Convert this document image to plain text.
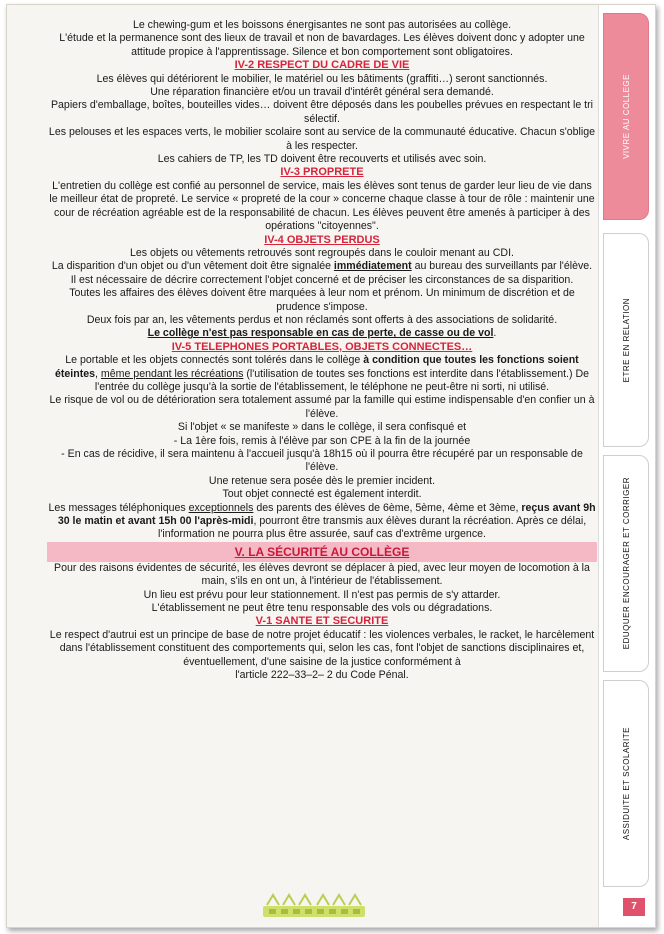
Le chewing-gum et les boissons énergisantes ne sont pas autorisées au collège.

L'étude et la permanence sont des lieux de travail et non de bavardages. Les élèves doivent donc y adopter une attitude propice à l'apprentissage. Silence et bon comportement sont obligatoires.

IV-2 RESPECT DU CADRE DE VIE

Les élèves qui détériorent le mobilier, le matériel ou les bâtiments (graffiti…) seront sanctionnés.

Une réparation financière et/ou un travail d'intérêt général sera demandé.

Papiers d'emballage, boîtes, bouteilles vides… doivent être déposés dans les poubelles prévues en respectant le tri sélectif.

Les pelouses et les espaces verts, le mobilier scolaire sont au service de la communauté éducative. Chacun s'oblige à les respecter.

Les cahiers de TP, les TD doivent être recouverts et utilisés avec soin.

IV-3 PROPRETE

L'entretien du collège est confié au personnel de service, mais les élèves sont tenus de garder leur lieu de vie dans le meilleur état de propreté. Le service « propreté de la cour » concerne chaque classe à tour de rôle : maintenir une cour de récréation agréable est de la responsabilité de chacun. Les élèves peuvent être amenés à participer à des opérations "citoyennes".

IV-4 OBJETS PERDUS

Les objets ou vêtements retrouvés sont regroupés dans le couloir menant au CDI.

La disparition d'un objet ou d'un vêtement doit être signalée immédiatement au bureau des surveillants par l'élève.

Il est nécessaire de décrire correctement l'objet concerné et de préciser les circonstances de sa disparition.

Toutes les affaires des élèves doivent être marquées à leur nom et prénom. Un minimum de discrétion et de prudence s'impose.

Deux fois par an, les vêtements perdus et non réclamés sont offerts à des associations de solidarité.

Le collège n'est pas responsable en cas de perte, de casse ou de vol.

IV-5 TELEPHONES PORTABLES, OBJETS CONNECTES…

Le portable et les objets connectés sont tolérés dans le collège à condition que toutes les fonctions soient éteintes, même pendant les récréations (l'utilisation de toutes ses fonctions est interdite dans l'établissement.) De l'entrée du collège jusqu'à la sortie de l'établissement, le téléphone ne peut-être ni sorti, ni utilisé.

Le risque de vol ou de détérioration sera totalement assumé par la famille qui estime indispensable d'en confier un à l'élève.

Si l'objet « se manifeste » dans le collège, il sera confisqué et

- La 1ère fois, remis à l'élève par son CPE à la fin de la journée

- En cas de récidive, il sera maintenu à l'accueil jusqu'à 18h15 où il pourra être récupéré par un responsable de l'élève.

Une retenue sera posée dès le premier incident.

Tout objet connecté est également interdit.

Les messages téléphoniques exceptionnels des parents des élèves de 6ème, 5ème, 4ème et 3ème, reçus avant 9h 30 le matin et avant 15h 00 l'après-midi, pourront être transmis aux élèves durant la récréation. Après ce délai, l'information ne pourra plus être assurée, sauf cas d'extrême urgence.

V. LA SÉCURITÉ AU COLLÈGE

Pour des raisons évidentes de sécurité, les élèves devront se déplacer à pied, avec leur moyen de locomotion à la main, s'ils en ont un, à l'intérieur de l'établissement.

Un lieu est prévu pour leur stationnement. Il n'est pas permis de s'y attarder.

L'établissement ne peut être tenu responsable des vols ou dégradations.

V-1 SANTE ET SECURITE

Le respect d'autrui est un principe de base de notre projet éducatif : les violences verbales, le racket, le harcèlement dans l'établissement constituent des comportements qui, selon les cas, font l'objet de sanctions disciplinaires et, éventuellement, d'une saisine de la justice conformément à

l'article 222–33–2– 2 du Code Pénal.

VIVRE AU COLLEGE
ETRE EN RELATION
EDUQUER ENCOURAGER ET CORRIGER
ASSIDUITE ET SCOLARITE
7
